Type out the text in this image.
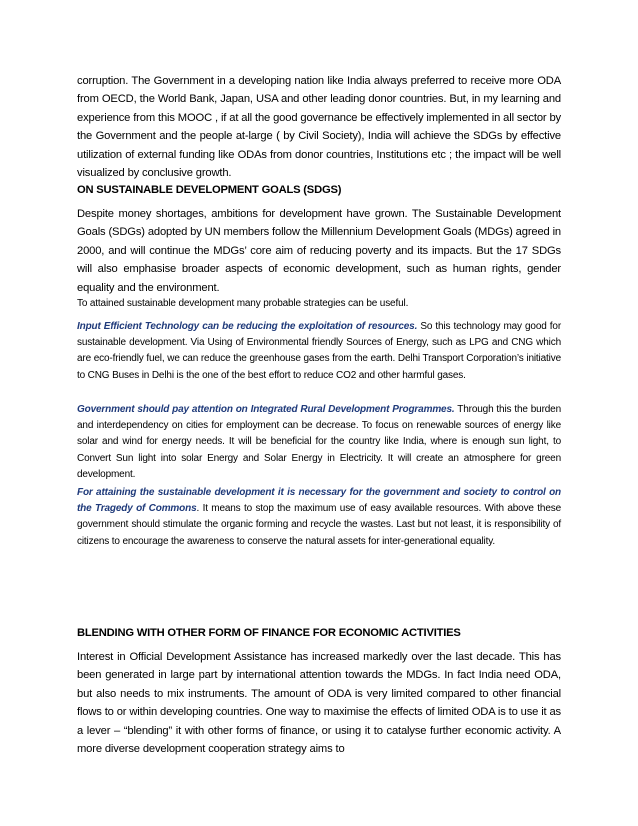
corruption. The Government in a developing nation like India always preferred to receive more ODA from OECD, the World Bank, Japan, USA and other leading donor countries. But, in my learning and experience from this MOOC , if at all the good governance be effectively implemented in all sector by the Government and the people at-large ( by Civil Society), India will achieve the SDGs by effective utilization of external funding like ODAs from donor countries, Institutions etc ; the impact will be well visualized by conclusive growth.

ON SUSTAINABLE DEVELOPMENT GOALS (SDGS)

Despite money shortages, ambitions for development have grown. The Sustainable Development Goals (SDGs) adopted by UN members follow the Millennium Development Goals (MDGs) agreed in 2000, and will continue the MDGs’ core aim of reducing poverty and its impacts. But the 17 SDGs will also emphasise broader aspects of economic development, such as human rights, gender equality and the environment.

To attained sustainable development many probable strategies can be useful.

Input Efficient Technology can be reducing the exploitation of resources. So this technology may good for sustainable development. Via Using of Environmental friendly Sources of Energy, such as LPG and CNG which are eco-friendly fuel, we can reduce the greenhouse gases from the earth. Delhi Transport Corporation’s initiative to CNG Buses in Delhi is the one of the best effort to reduce CO2 and other harmful gases.

Government should pay attention on Integrated Rural Development Programmes. Through this the burden and interdependency on cities for employment can be decrease. To focus on renewable sources of energy like solar and wind for energy needs. It will be beneficial for the country like India, where is enough sun light, to Convert Sun light into solar Energy and Solar Energy in Electricity. It will create an atmosphere for green development.

For attaining the sustainable development it is necessary for the government and society to control on the Tragedy of Commons. It means to stop the maximum use of easy available resources. With above these government should stimulate the organic forming and recycle the wastes. Last but not least, it is responsibility of citizens to encourage the awareness to conserve the natural assets for inter-generational equality.

BLENDING WITH OTHER FORM OF FINANCE FOR ECONOMIC ACTIVITIES

Interest in Official Development Assistance has increased markedly over the last decade. This has been generated in large part by international attention towards the MDGs. In fact India need ODA, but also needs to mix instruments. The amount of ODA is very limited compared to other financial flows to or within developing countries. One way to maximise the effects of limited ODA is to use it as a lever – “blending” it with other forms of finance, or using it to catalyse further economic activity. A more diverse development cooperation strategy aims to
